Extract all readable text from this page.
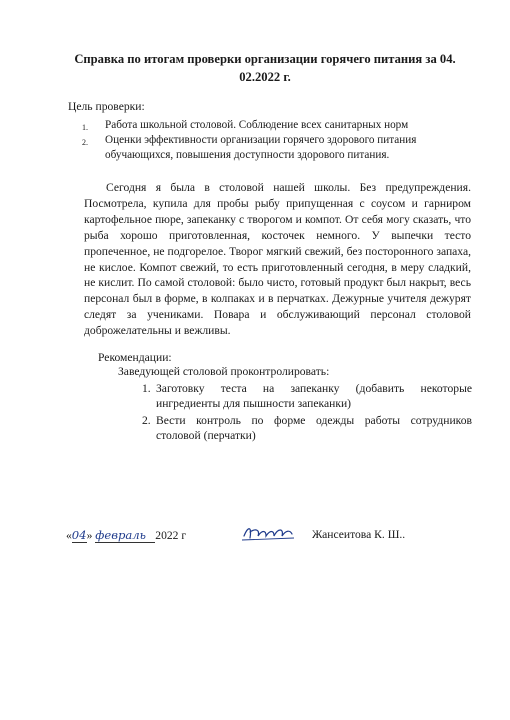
Справка по итогам проверки организации горячего питания за 04. 02.2022 г.
Цель проверки:
1. Работа школьной столовой. Соблюдение всех санитарных норм
2. Оценки эффективности организации горячего здорового питания обучающихся, повышения доступности здорового питания.
Сегодня я была в столовой нашей школы. Без предупреждения. Посмотрела, купила для пробы рыбу припущенная с соусом и гарниром картофельное пюре, запеканку с творогом и компот. От себя могу сказать, что рыба хорошо приготовленная, косточек немного. У выпечки тесто пропеченное, не подгорелое. Творог мягкий свежий, без посторонного запаха, не кислое. Компот свежий, то есть приготовленный сегодня, в меру сладкий, не кислит. По самой столовой: было чисто, готовый продукт был накрыт, весь персонал был в форме, в колпаках и в перчатках. Дежурные учителя дежурят следят за учениками. Повара и обслуживающий персонал столовой доброжелательны и вежливы.
Рекомендации:
Заведующей столовой проконтролировать:
1. Заготовку теста на запеканку (добавить некоторые ингредиенты для пышности запеканки)
2. Вести контроль по форме одежды работы сотрудников столовой (перчатки)
«04» февраль 2022 г	Жансеитова К. Ш..
